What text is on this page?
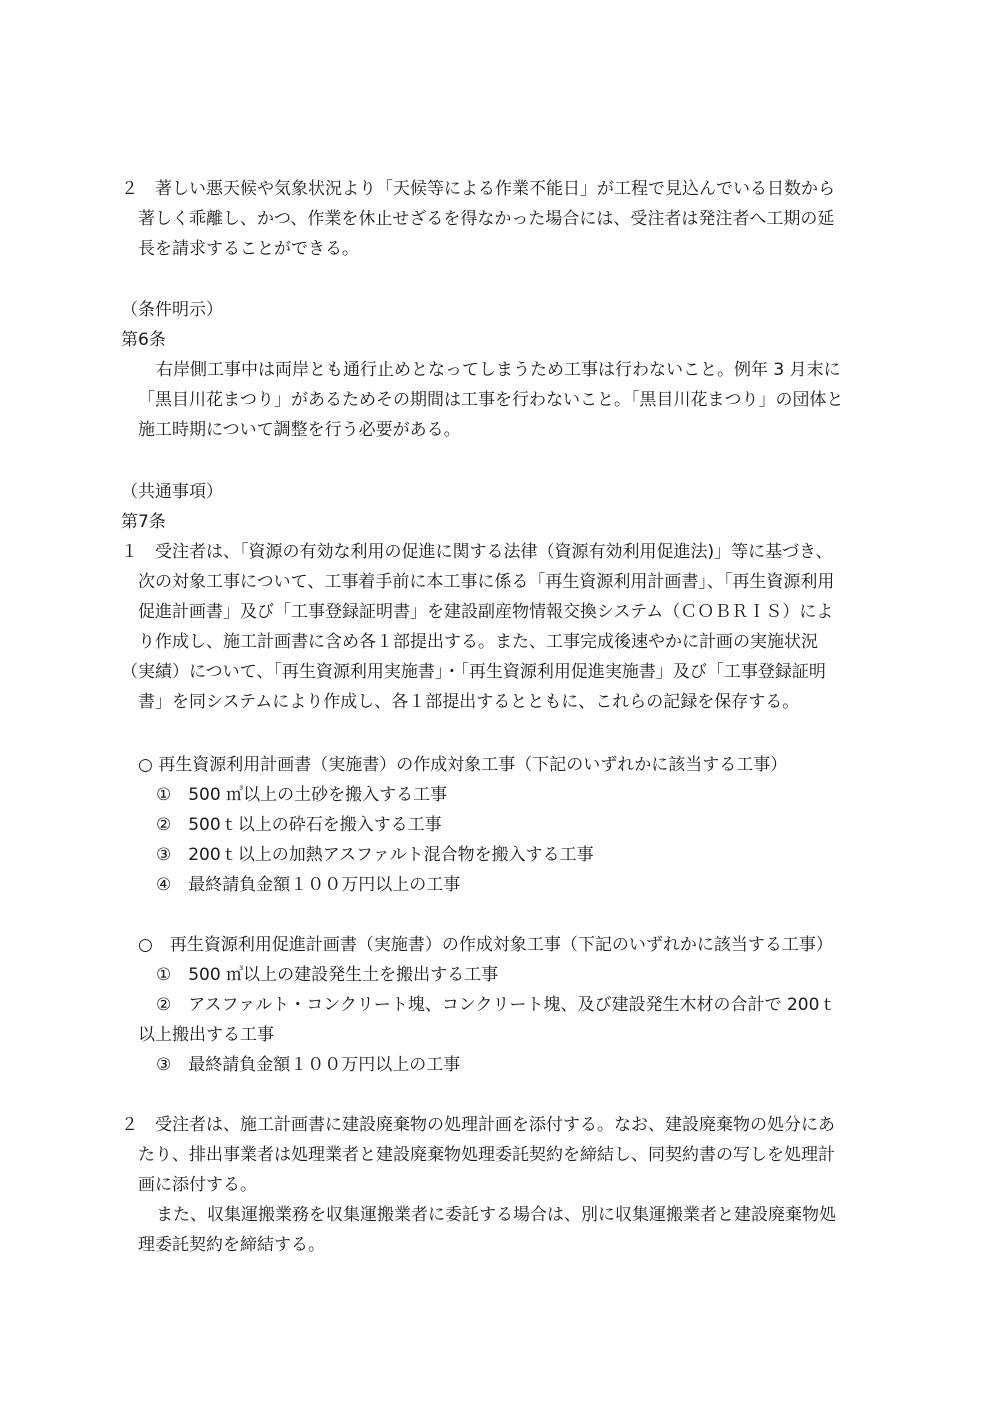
２　著しい悪天候や気象状況より「天候等による作業不能日」が工程で見込んでいる日数から

著しく乖離し、かつ、作業を休止せざるを得なかった場合には、受注者は発注者へ工期の延

長を請求することができる。

（条件明示）

第6条

右岸側工事中は両岸とも通行止めとなってしまうため工事は行わないこと。例年 3 月末に

「黒目川花まつり」があるためその期間は工事を行わないこと。「黒目川花まつり」の団体と

施工時期について調整を行う必要がある。

（共通事項）

第7条

１　受注者は、「資源の有効な利用の促進に関する法律（資源有効利用促進法)」等に基づき、

次の対象工事について、工事着手前に本工事に係る「再生資源利用計画書」、「再生資源利用

促進計画書」及び「工事登録証明書」を建設副産物情報交換システム（ＣＯＢＲＩＳ）によ

り作成し、施工計画書に含め各１部提出する。また、工事完成後速やかに計画の実施状況

（実績）について、「再生資源利用実施書」・「再生資源利用促進実施書」及び「工事登録証明

書」を同システムにより作成し、各１部提出するとともに、これらの記録を保存する。

○ 再生資源利用計画書（実施書）の作成対象工事（下記のいずれかに該当する工事）

①　500 ㎥以上の土砂を搬入する工事

②　500ｔ以上の砕石を搬入する工事

③　200ｔ以上の加熱アスファルト混合物を搬入する工事

④　最終請負金額１００万円以上の工事

○　再生資源利用促進計画書（実施書）の作成対象工事（下記のいずれかに該当する工事）

①　500 ㎥以上の建設発生土を搬出する工事

②　アスファルト・コンクリート塊、コンクリート塊、及び建設発生木材の合計で 200ｔ

以上搬出する工事

③　最終請負金額１００万円以上の工事

２　受注者は、施工計画書に建設廃棄物の処理計画を添付する。なお、建設廃棄物の処分にあ

たり、排出事業者は処理業者と建設廃棄物処理委託契約を締結し、同契約書の写しを処理計

画に添付する。

また、収集運搬業務を収集運搬業者に委託する場合は、別に収集運搬業者と建設廃棄物処

理委託契約を締結する。
